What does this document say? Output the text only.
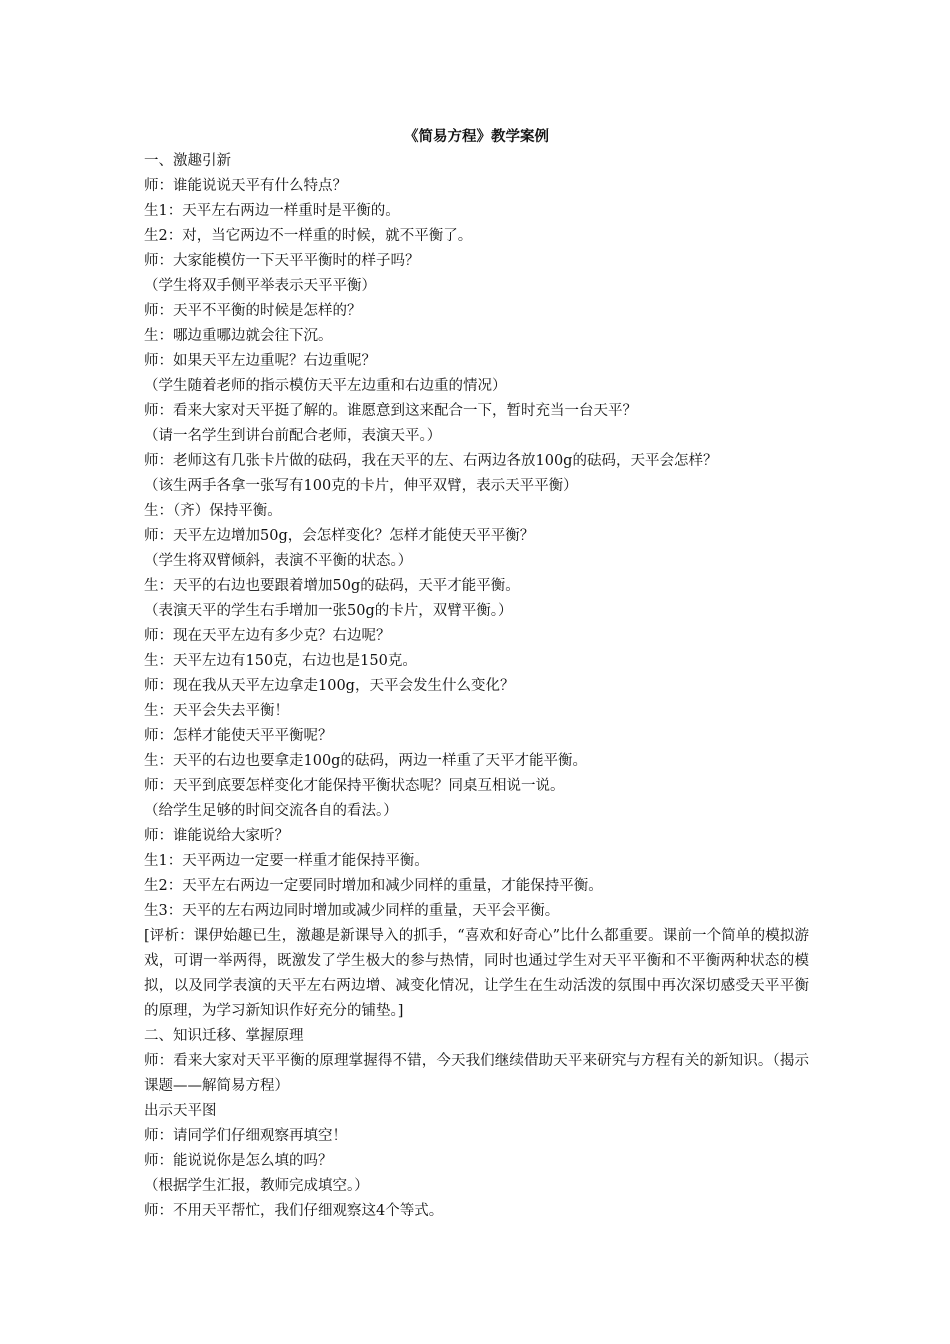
《简易方程》教学案例

一、激趣引新

师：谁能说说天平有什么特点？

生1：天平左右两边一样重时是平衡的。

生2：对，当它两边不一样重的时候，就不平衡了。

师：大家能模仿一下天平平衡时的样子吗？

（学生将双手侧平举表示天平平衡）

师：天平不平衡的时候是怎样的？

生：哪边重哪边就会往下沉。

师：如果天平左边重呢？右边重呢？

（学生随着老师的指示模仿天平左边重和右边重的情况）

师：看来大家对天平挺了解的。谁愿意到这来配合一下，暂时充当一台天平？

（请一名学生到讲台前配合老师，表演天平。）

师：老师这有几张卡片做的砝码，我在天平的左、右两边各放100g的砝码，天平会怎样？

（该生两手各拿一张写有100克的卡片，伸平双臂，表示天平平衡）

生：（齐）保持平衡。

师：天平左边增加50g，会怎样变化？怎样才能使天平平衡？

（学生将双臂倾斜，表演不平衡的状态。）

生：天平的右边也要跟着增加50g的砝码，天平才能平衡。

（表演天平的学生右手增加一张50g的卡片，双臂平衡。）

师：现在天平左边有多少克？右边呢？

生：天平左边有150克，右边也是150克。

师：现在我从天平左边拿走100g，天平会发生什么变化？

生：天平会失去平衡！

师：怎样才能使天平平衡呢？

生：天平的右边也要拿走100g的砝码，两边一样重了天平才能平衡。

师：天平到底要怎样变化才能保持平衡状态呢？同桌互相说一说。

（给学生足够的时间交流各自的看法。）

师：谁能说给大家听？

生1：天平两边一定要一样重才能保持平衡。

生2：天平左右两边一定要同时增加和减少同样的重量，才能保持平衡。

生3：天平的左右两边同时增加或减少同样的重量，天平会平衡。

[评析：课伊始趣已生，激趣是新课导入的抓手，“喜欢和好奇心”比什么都重要。课前一个简单的模拟游戏，可谓一举两得，既激发了学生极大的参与热情，同时也通过学生对天平平衡和不平衡两种状态的模拟，以及同学表演的天平左右两边增、减变化情况，让学生在生动活泼的氛围中再次深切感受天平平衡的原理，为学习新知识作好充分的铺垫。]

二、知识迁移、掌握原理

师：看来大家对天平平衡的原理掌握得不错，今天我们继续借助天平来研究与方程有关的新知识。（揭示课题——解简易方程）

出示天平图

师：请同学们仔细观察再填空！

师：能说说你是怎么填的吗？

（根据学生汇报，教师完成填空。）

师：不用天平帮忙，我们仔细观察这4个等式。
